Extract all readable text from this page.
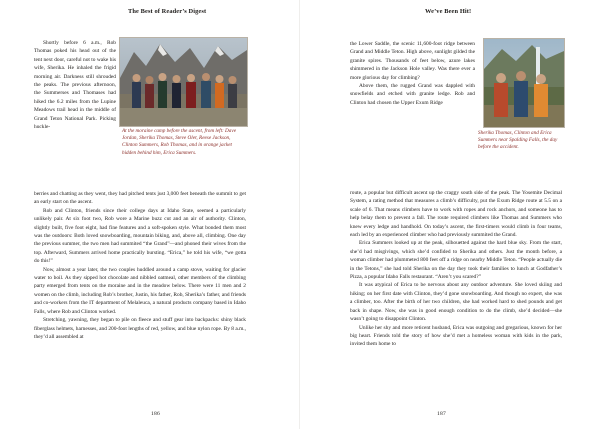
The Best of Reader’s Digest

Shortly before 6 a.m., Rob Thomas poked his head out of the tent next door, careful not to wake his wife, Sherika. He inhaled the frigid morning air. Darkness still shrouded the peaks. The previous afternoon, the Summerses and Thomases had hiked the 6.2 miles from the Lupine Meadows trail head in the middle of Grand Teton National Park. Picking huckle-

At the moraine camp before the ascent, from left: Dave Jordan, Sherika Thomas, Steve Oler, Reese Jackson, Clinton Summers, Rob Thomas, and in orange jacket hidden behind him, Erica Summers.

berries and chatting as they went, they had pitched tents just 3,000 feet beneath the summit to get an early start on the ascent.

Rob and Clinton, friends since their college days at Idaho State, seemed a particularly unlikely pair. At six foot two, Rob wore a Marine buzz cut and an air of authority. Clinton, slightly built, five foot eight, had fine features and a soft-spoken style. What bonded them most was the outdoors: Both loved snowboarding, mountain biking, and, above all, climbing. One day the previous summer, the two men had summited “the Grand”—and phoned their wives from the top. Afterward, Summers arrived home practically bursting. “Erica,” he told his wife, “we gotta do this!”

Now, almost a year later, the two couples huddled around a camp stove, waiting for glacier water to boil. As they sipped hot chocolate and nibbled oatmeal, other members of the climbing party emerged from tents on the moraine and in the meadow below. There were 11 men and 2 women on the climb, including Rob’s brother, Justin, his father, Rob, Sherika’s father, and friends and co-workers from the IT department of Melaleuca, a natural products company based in Idaho Falls, where Rob and Clinton worked.

Stretching, yawning, they began to pile on fleece and stuff gear into backpacks: shiny black fiberglass helmets, harnesses, and 200-foot lengths of red, yellow, and blue nylon rope. By 8 a.m., they’d all assembled at

186
We’ve Been Hit!

the Lower Saddle, the scenic 11,600-foot ridge between Grand and Middle Teton. High above, sunlight gilded the granite spires. Thousands of feet below, azure lakes shimmered in the Jackson Hole valley. Was there ever a more glorious day for climbing?

Above them, the rugged Grand was dappled with snowfields and etched with granite ledge. Rob and Clinton had chosen the Upper Exum Ridge

Sherika Thomas, Clinton and Erica Summers near Spalding Falls, the day before the accident.

route, a popular but difficult ascent up the craggy south side of the peak. The Yosemite Decimal System, a rating method that measures a climb’s difficulty, put the Exum Ridge route at 5.5 on a scale of 6. That means climbers have to work with ropes and rock anchors, and someone has to help belay them to prevent a fall. The route required climbers like Thomas and Summers who knew every ledge and handhold. On today’s ascent, the first-timers would climb in four teams, each led by an experienced climber who had previously summited the Grand.

Erica Summers looked up at the peak, silhouetted against the hard blue sky. From the start, she’d had misgivings, which she’d confided to Sherika and others. Just the month before, a woman climber had plummeted 800 feet off a ridge on nearby Middle Teton. “People actually die in the Tetons,” she had told Sherika on the day they took their families to lunch at Godfather’s Pizza, a popular Idaho Falls restaurant. “Aren’t you scared?”

It was atypical of Erica to be nervous about any outdoor adventure. She loved skiing and hiking; on her first date with Clinton, they’d gone snowboarding. And though no expert, she was a climber, too. After the birth of her two children, she had worked hard to shed pounds and get back in shape. Now, she was in good enough condition to do the climb, she’d decided—she wasn’t going to disappoint Clinton.

Unlike her shy and more reticent husband, Erica was outgoing and gregarious, known for her big heart. Friends told the story of how she’d met a homeless woman with kids in the park, invited them home to

187
